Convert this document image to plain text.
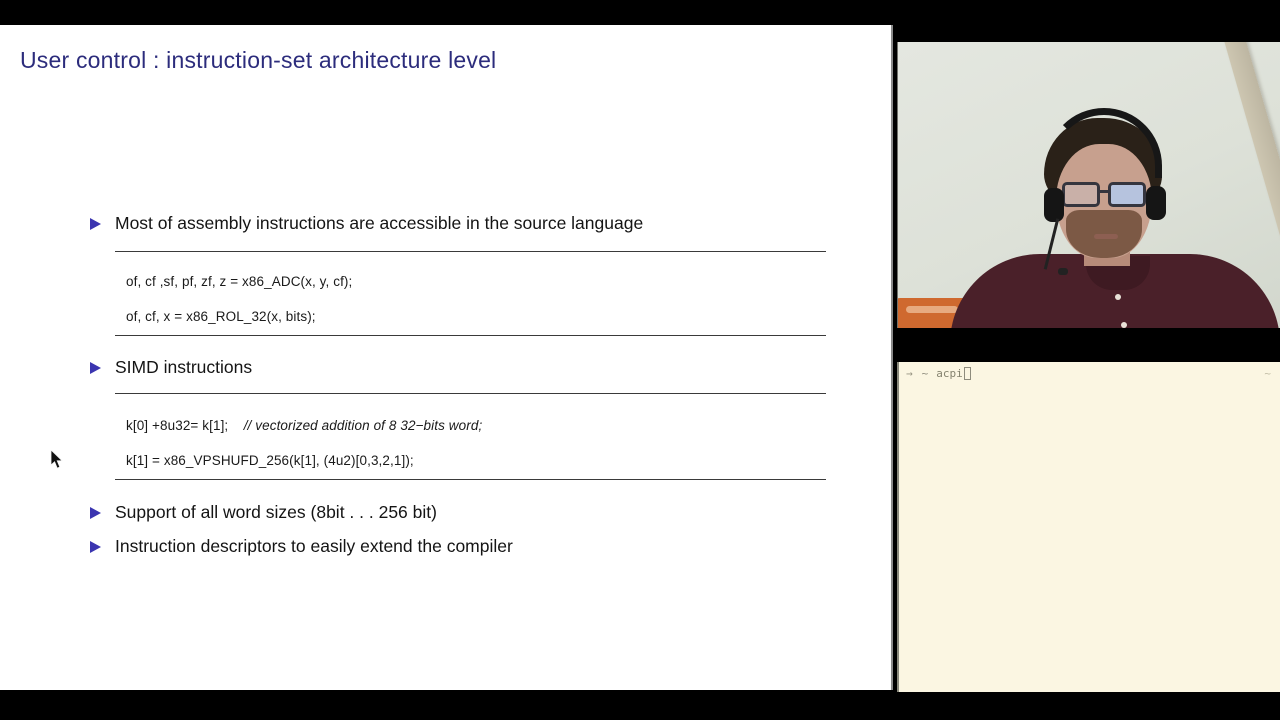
User control : instruction-set architecture level
Most of assembly instructions are accessible in the source language
of, cf ,sf, pf, zf, z = x86_ADC(x, y, cf);
of, cf, x = x86_ROL_32(x, bits);
SIMD instructions
k[0] +8u32= k[1]; // vectorized addition of 8 32−bits word;
k[1] = x86_VPSHUFD_256(k[1], (4u2)[0,3,2,1]);
Support of all word sizes (8bit . . . 256 bit)
Instruction descriptors to easily extend the compiler
→ ~ acpi	~
